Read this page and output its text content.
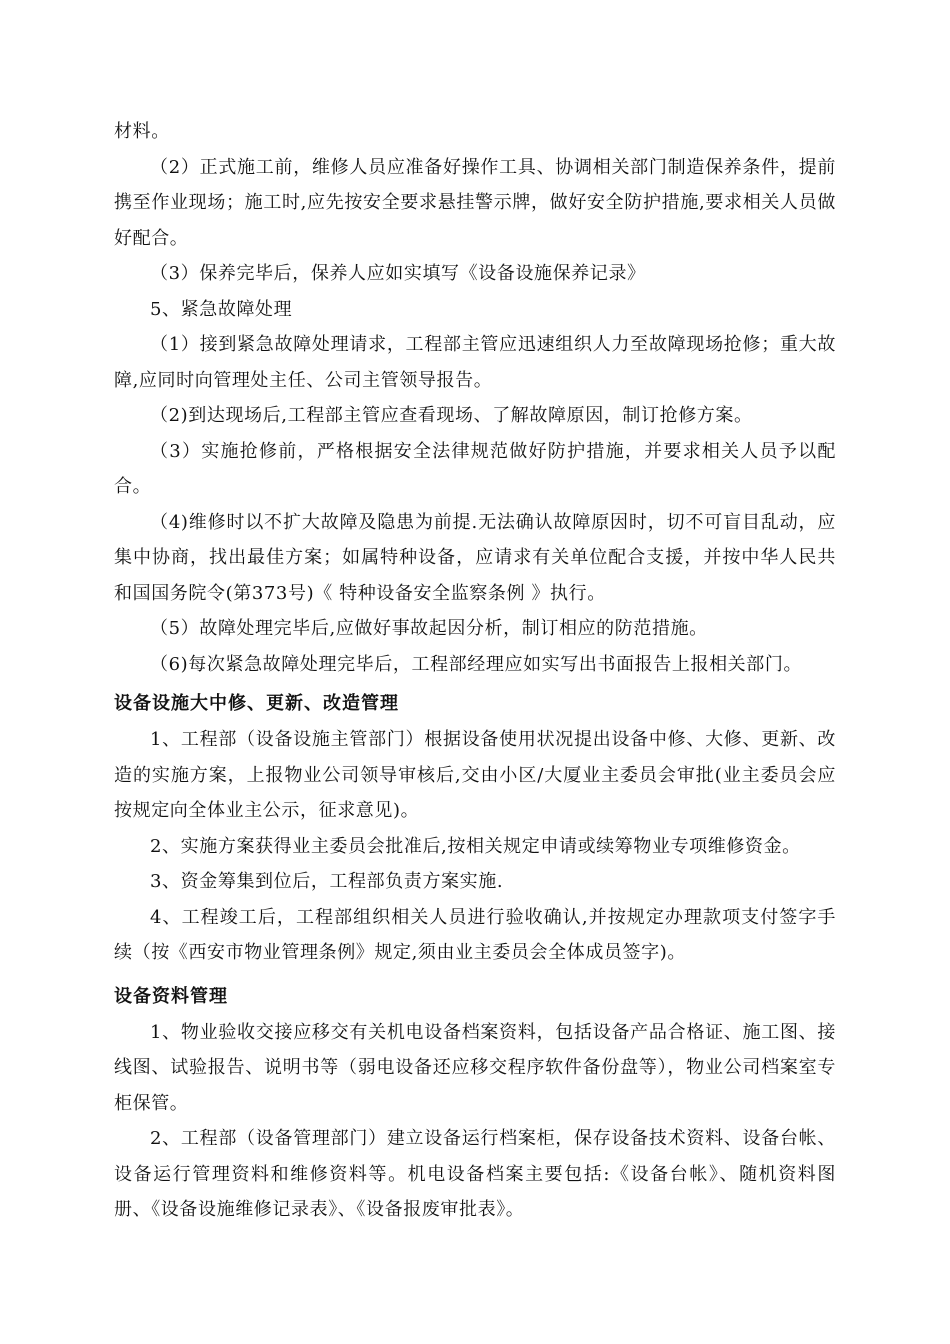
材料。

（2）正式施工前，维修人员应准备好操作工具、协调相关部门制造保养条件，提前携至作业现场；施工时,应先按安全要求悬挂警示牌，做好安全防护措施,要求相关人员做好配合。

（3）保养完毕后，保养人应如实填写《设备设施保养记录》

5、紧急故障处理

（1）接到紧急故障处理请求，工程部主管应迅速组织人力至故障现场抢修；重大故障,应同时向管理处主任、公司主管领导报告。

（2)到达现场后,工程部主管应查看现场、了解故障原因，制订抢修方案。

（3）实施抢修前，严格根据安全法律规范做好防护措施，并要求相关人员予以配合。

（4)维修时以不扩大故障及隐患为前提.无法确认故障原因时，切不可盲目乱动，应集中协商，找出最佳方案；如属特种设备，应请求有关单位配合支援，并按中华人民共和国国务院令(第373号)《 特种设备安全监察条例 》执行。

（5）故障处理完毕后,应做好事故起因分析，制订相应的防范措施。

（6)每次紧急故障处理完毕后，工程部经理应如实写出书面报告上报相关部门。

设备设施大中修、更新、改造管理

1、工程部（设备设施主管部门）根据设备使用状况提出设备中修、大修、更新、改造的实施方案，上报物业公司领导审核后,交由小区/大厦业主委员会审批(业主委员会应按规定向全体业主公示，征求意见)。

2、实施方案获得业主委员会批准后,按相关规定申请或续筹物业专项维修资金。

3、资金筹集到位后，工程部负责方案实施.

4、工程竣工后，工程部组织相关人员进行验收确认,并按规定办理款项支付签字手续（按《西安市物业管理条例》规定,须由业主委员会全体成员签字)。

设备资料管理

1、物业验收交接应移交有关机电设备档案资料，包括设备产品合格证、施工图、接线图、试验报告、说明书等（弱电设备还应移交程序软件备份盘等），物业公司档案室专柜保管。

2、工程部（设备管理部门）建立设备运行档案柜，保存设备技术资料、设备台帐、设备运行管理资料和维修资料等。机电设备档案主要包括:《设备台帐》、随机资料图册、《设备设施维修记录表》、《设备报废审批表》。
